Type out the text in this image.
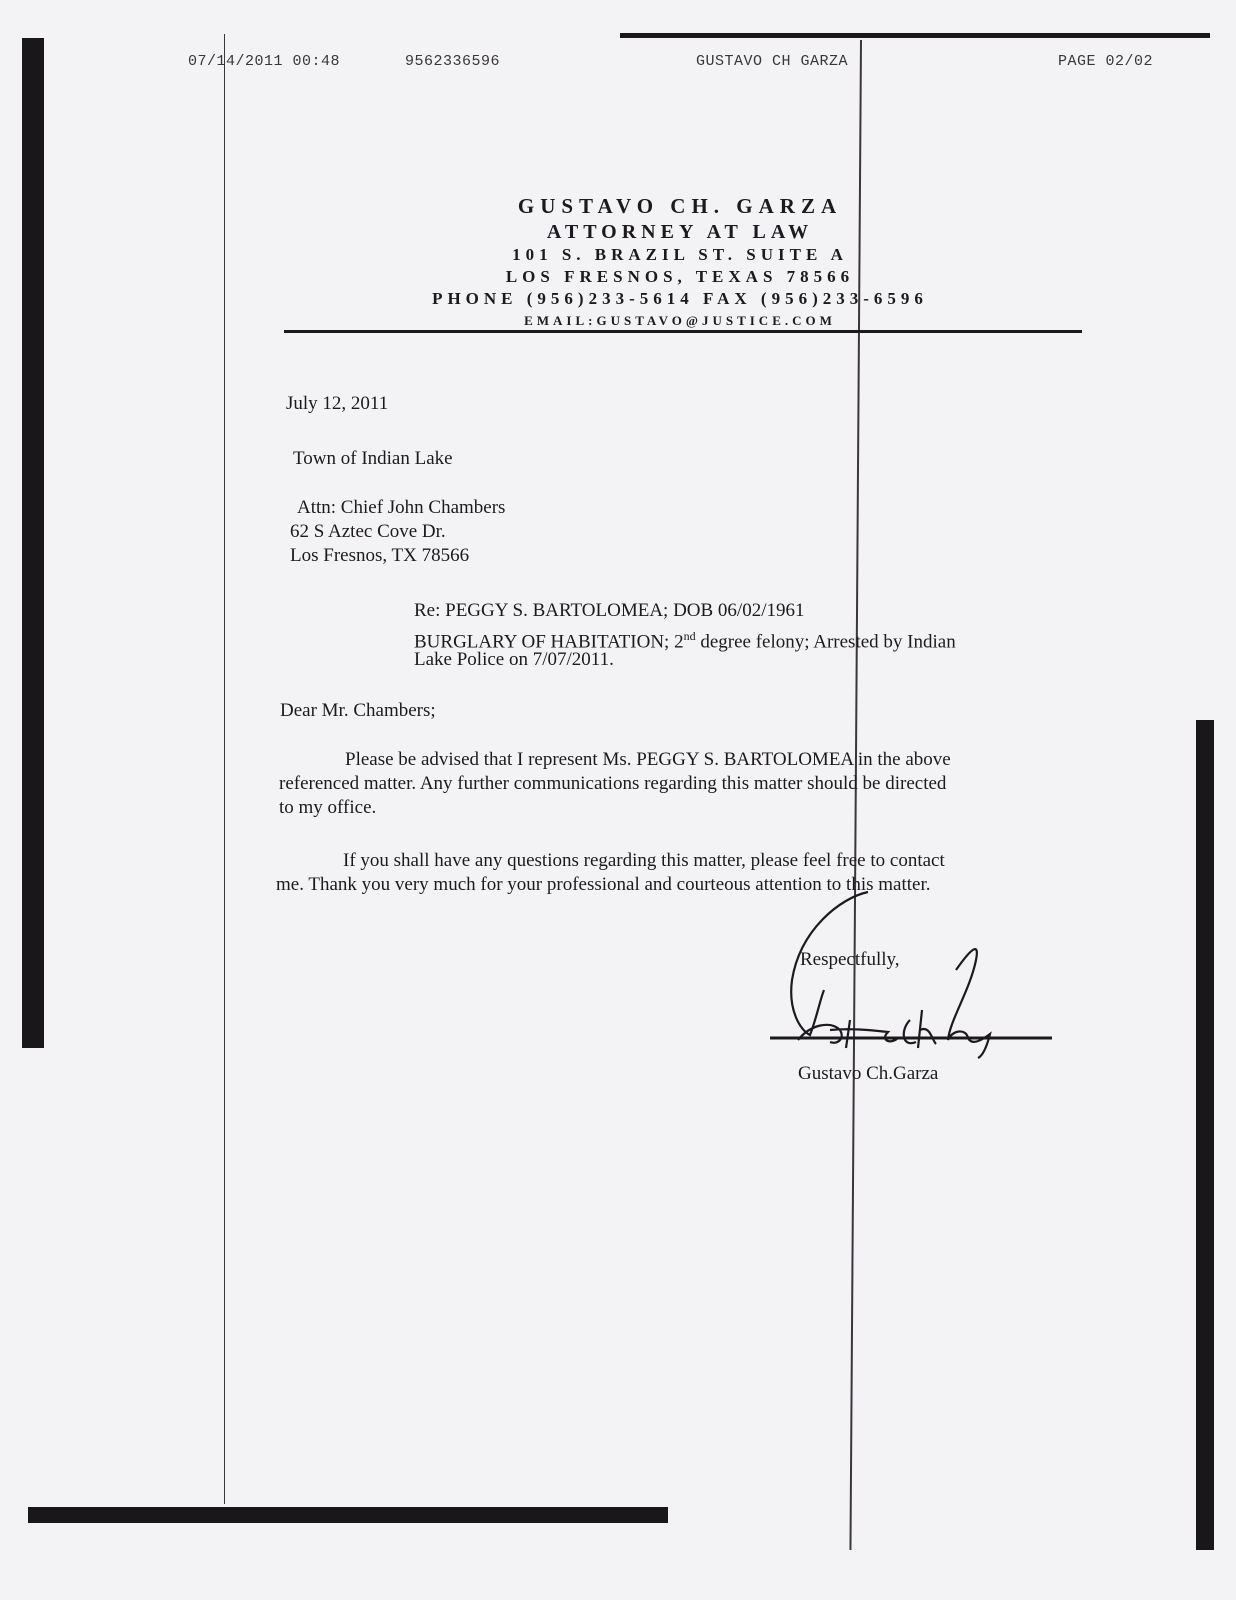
07/14/2011 00:48	9562336596	GUSTAVO CH GARZA	PAGE 02/02
GUSTAVO CH. GARZA
ATTORNEY AT LAW
101 S. BRAZIL ST. SUITE A
LOS FRESNOS, TEXAS 78566
PHONE (956)233-5614 FAX (956)233-6596
EMAIL:GUSTAVO@JUSTICE.COM
July 12, 2011
Town of Indian Lake
Attn: Chief John Chambers
62 S Aztec Cove Dr.
Los Fresnos, TX 78566
Re: PEGGY S. BARTOLOMEA; DOB 06/02/1961
BURGLARY OF HABITATION; 2nd degree felony; Arrested by Indian
Lake Police on 7/07/2011.
Dear Mr. Chambers;
Please be advised that I represent Ms. PEGGY S. BARTOLOMEA in the above
referenced matter. Any further communications regarding this matter should be directed
to my office.
If you shall have any questions regarding this matter, please feel free to contact
me. Thank you very much for your professional and courteous attention to this matter.
Respectfully,
Gustavo Ch.Garza
